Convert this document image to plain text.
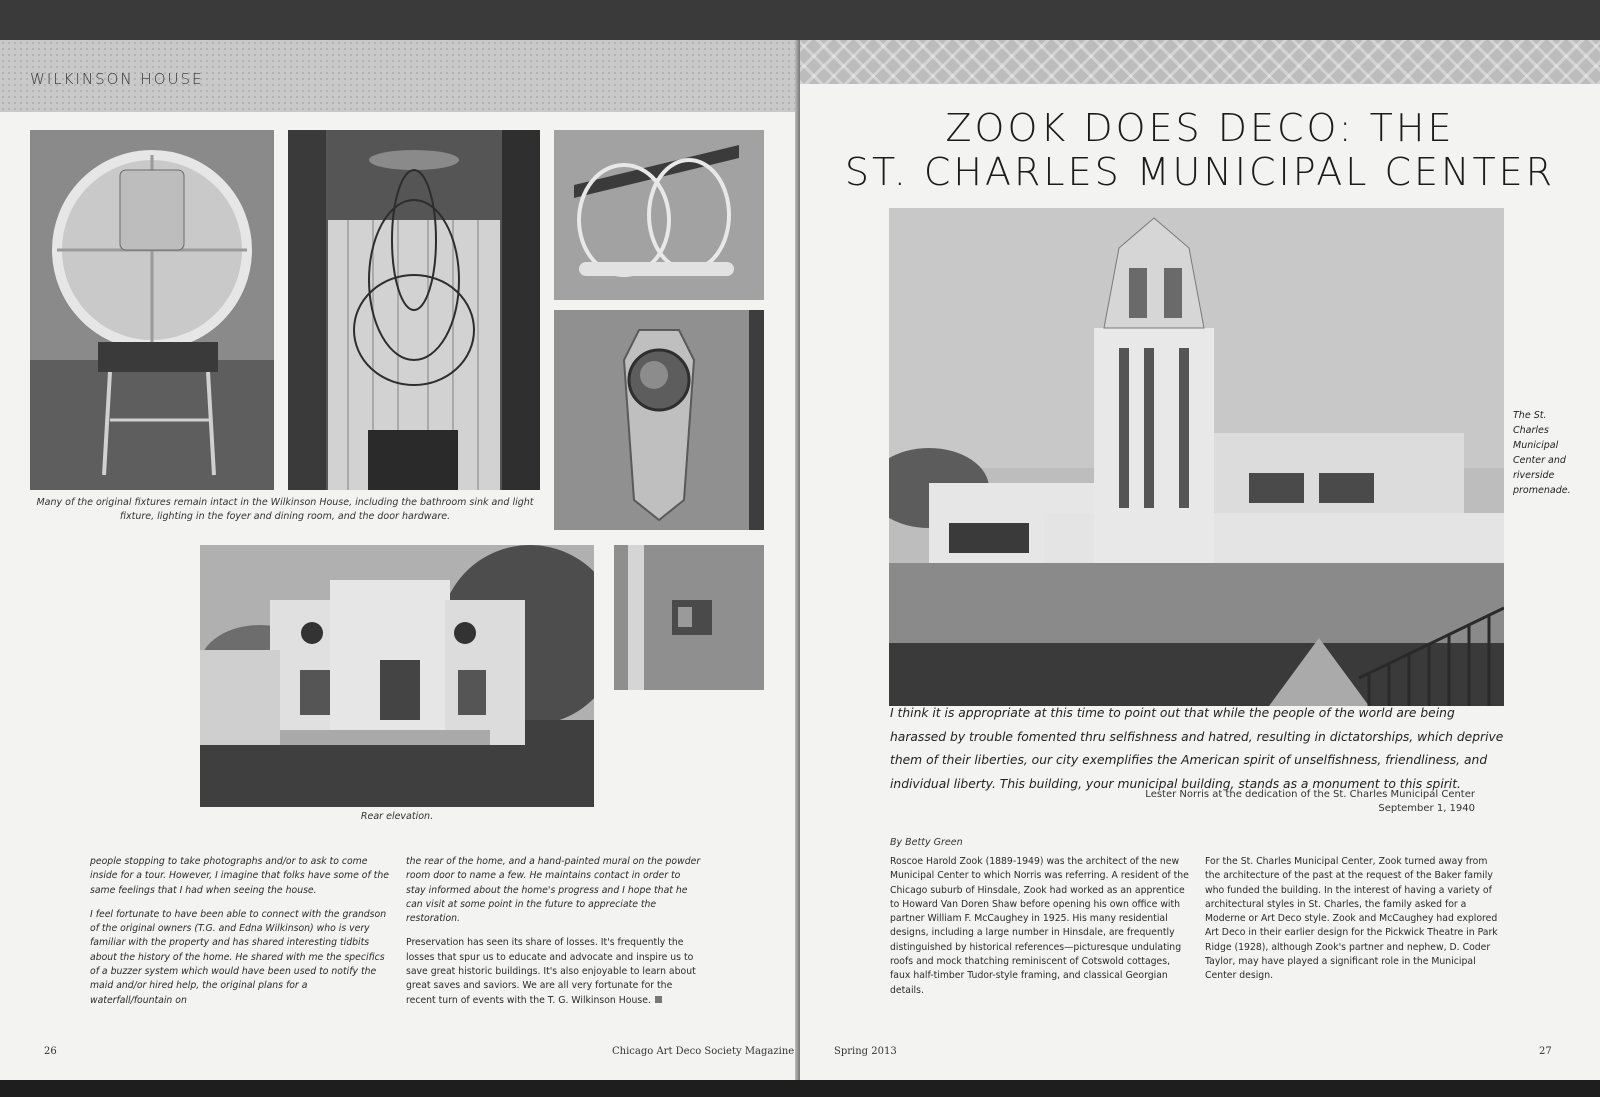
WILKINSON HOUSE
Many of the original fixtures remain intact in the Wilkinson House, including the bathroom sink and light fixture, lighting in the foyer and dining room, and the door hardware.
Rear elevation.

people stopping to take photographs and/or to ask to come inside for a tour. However, I imagine that folks have some of the same feelings that I had when seeing the house.

I feel fortunate to have been able to connect with the grandson of the original owners (T.G. and Edna Wilkinson) who is very familiar with the property and has shared interesting tidbits about the history of the home. He shared with me the specifics of a buzzer system which would have been used to notify the maid and/or hired help, the original plans for a waterfall/fountain on

the rear of the home, and a hand-painted mural on the powder room door to name a few. He maintains contact in order to stay informed about the home's progress and I hope that he can visit at some point in the future to appreciate the restoration.

Preservation has seen its share of losses. It's frequently the losses that spur us to educate and advocate and inspire us to save great historic buildings. It's also enjoyable to learn about great saves and saviors. We are all very fortunate for the recent turn of events with the T. G. Wilkinson House.

26	Chicago Art Deco Society Magazine
ZOOK DOES DECO: THE
ST. CHARLES MUNICIPAL CENTER
The St. Charles Municipal Center and riverside promenade.
I think it is appropriate at this time to point out that while the people of the world are being harassed by trouble fomented thru selfishness and hatred, resulting in dictatorships, which deprive them of their liberties, our city exemplifies the American spirit of unselfishness, friendliness, and individual liberty. This building, your municipal building, stands as a monument to this spirit.
Lester Norris at the dedication of the St. Charles Municipal Center
September 1, 1940
By Betty Green

Roscoe Harold Zook (1889-1949) was the architect of the new Municipal Center to which Norris was referring. A resident of the Chicago suburb of Hinsdale, Zook had worked as an apprentice to Howard Van Doren Shaw before opening his own office with partner William F. McCaughey in 1925. His many residential designs, including a large number in Hinsdale, are frequently distinguished by historical references—picturesque undulating roofs and mock thatching reminiscent of Cotswold cottages, faux half-timber Tudor-style framing, and classical Georgian details.

For the St. Charles Municipal Center, Zook turned away from the architecture of the past at the request of the Baker family who funded the building. In the interest of having a variety of architectural styles in St. Charles, the family asked for a Moderne or Art Deco style. Zook and McCaughey had explored Art Deco in their earlier design for the Pickwick Theatre in Park Ridge (1928), although Zook's partner and nephew, D. Coder Taylor, may have played a significant role in the Municipal Center design.

Spring 2013	27
